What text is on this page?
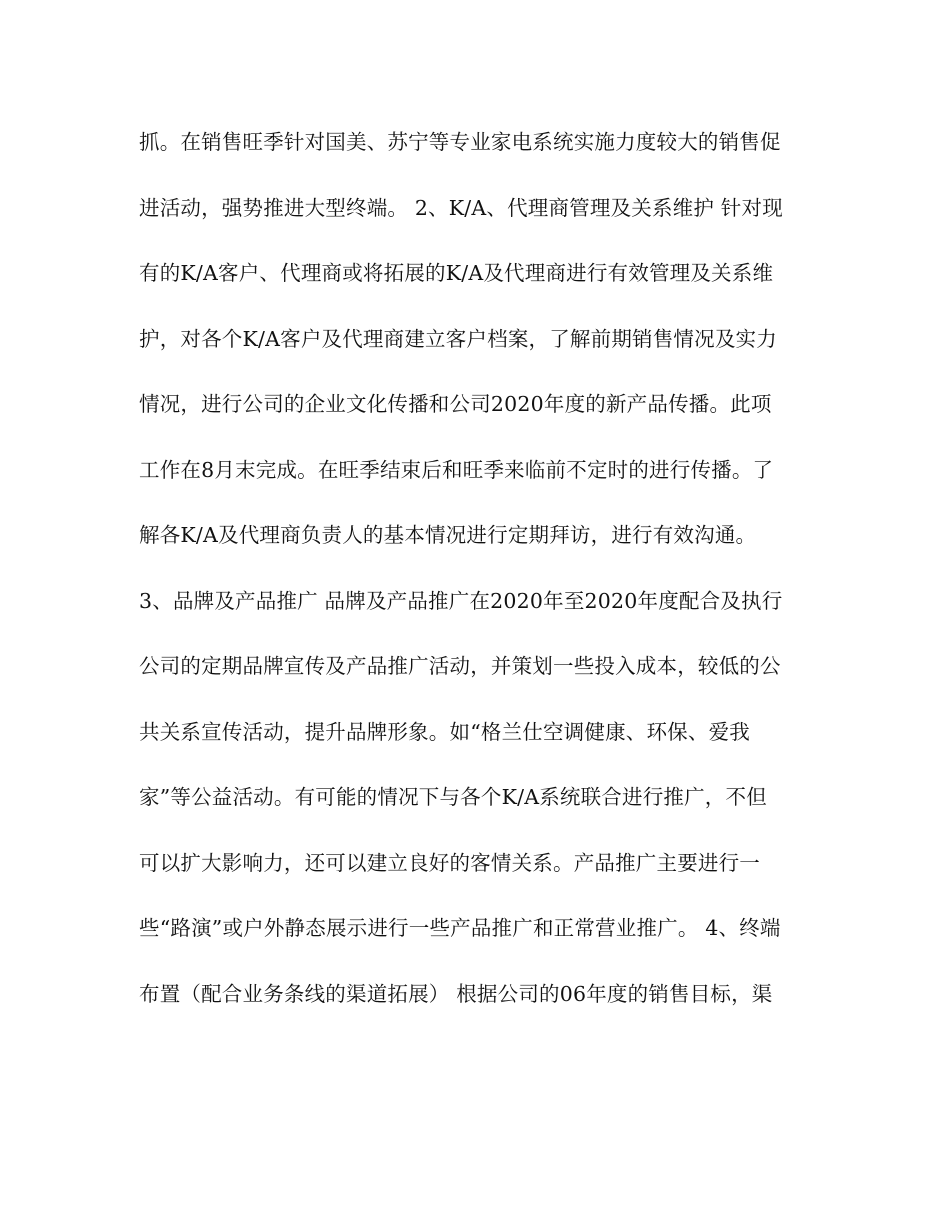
抓。在销售旺季针对国美、苏宁等专业家电系统实施力度较大的销售促
进活动，强势推进大型终端。 2、K/A、代理商管理及关系维护 针对现
有的K/A客户、代理商或将拓展的K/A及代理商进行有效管理及关系维
护，对各个K/A客户及代理商建立客户档案，了解前期销售情况及实力
情况，进行公司的企业文化传播和公司2020年度的新产品传播。此项
工作在8月末完成。在旺季结束后和旺季来临前不定时的进行传播。了
解各K/A及代理商负责人的基本情况进行定期拜访，进行有效沟通。
3、品牌及产品推广 品牌及产品推广在2020年至2020年度配合及执行
公司的定期品牌宣传及产品推广活动，并策划一些投入成本，较低的公
共关系宣传活动，提升品牌形象。如“格兰仕空调健康、环保、爱我
家”等公益活动。有可能的情况下与各个K/A系统联合进行推广，不但
可以扩大影响力，还可以建立良好的客情关系。产品推广主要进行一
些“路演”或户外静态展示进行一些产品推广和正常营业推广。 4、终端
布置（配合业务条线的渠道拓展） 根据公司的06年度的销售目标，渠
